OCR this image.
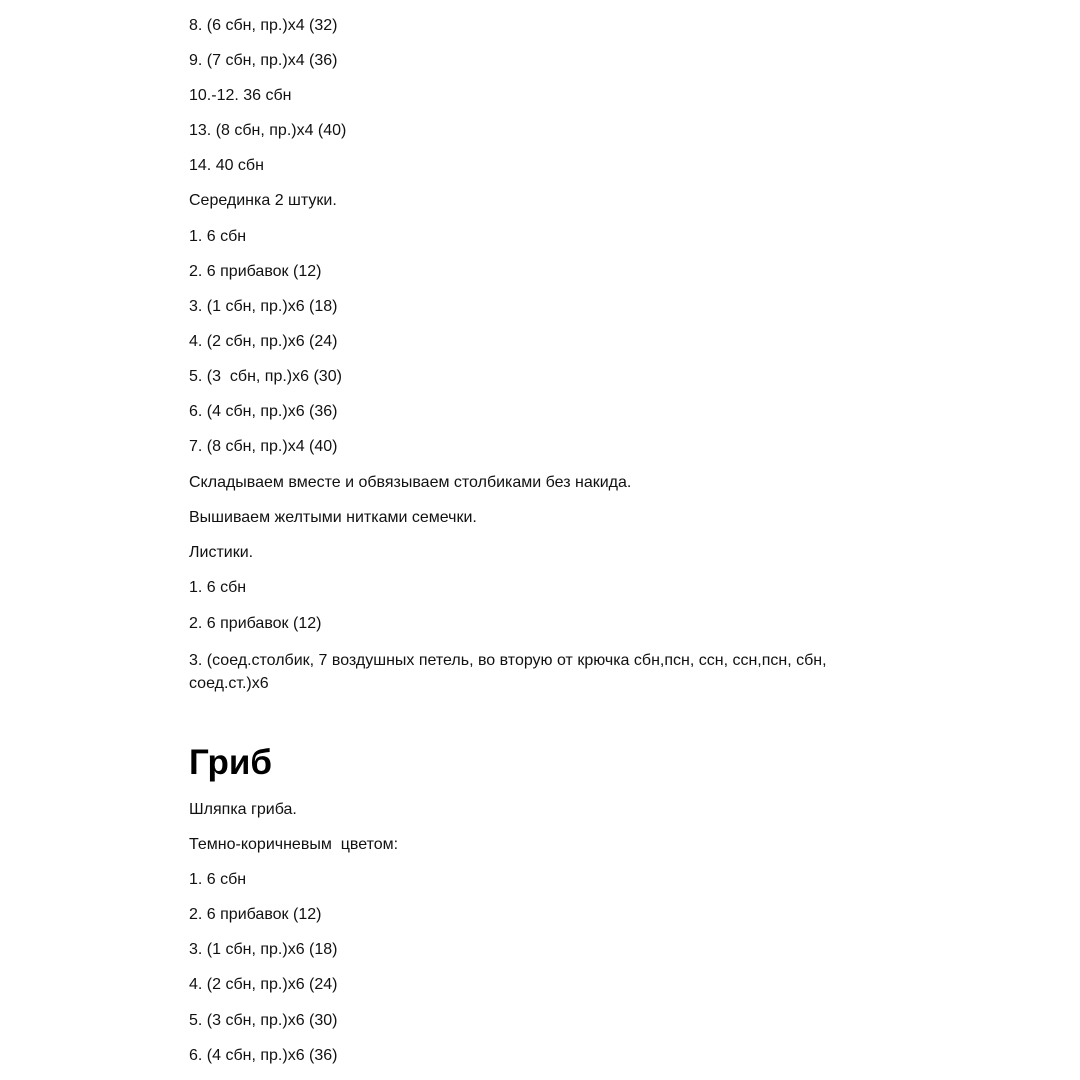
8. (6 сбн, пр.)х4 (32)
9. (7 сбн, пр.)х4 (36)
10.-12. 36 сбн
13. (8 сбн, пр.)х4 (40)
14. 40 сбн
Серединка 2 штуки.
1. 6 сбн
2. 6 прибавок (12)
3. (1 сбн, пр.)х6 (18)
4. (2 сбн, пр.)х6 (24)
5. (3  сбн, пр.)х6 (30)
6. (4 сбн, пр.)х6 (36)
7. (8 сбн, пр.)х4 (40)
Складываем вместе и обвязываем столбиками без накида.
Вышиваем желтыми нитками семечки.
Листики.
1. 6 сбн
2. 6 прибавок (12)
3. (соед.столбик, 7 воздушных петель, во вторую от крючка сбн,псн, ссн, ссн,псн, сбн, соед.ст.)х6
Гриб
Шляпка гриба.
Темно-коричневым  цветом:
1. 6 сбн
2. 6 прибавок (12)
3. (1 сбн, пр.)х6 (18)
4. (2 сбн, пр.)х6 (24)
5. (3 сбн, пр.)х6 (30)
6. (4 сбн, пр.)х6 (36)
